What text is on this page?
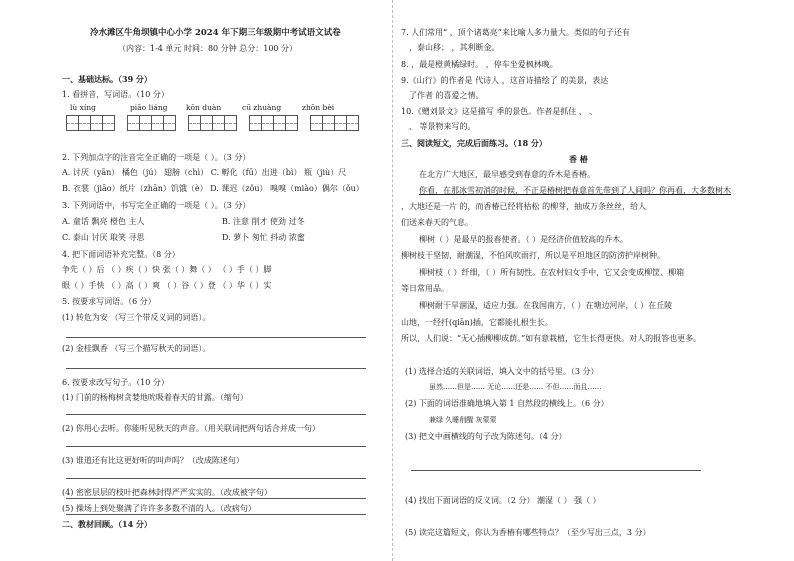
冷水滩区牛角坝镇中心小学 2024 年下期三年级期中考试语文试卷
（内容：1-4 单元 时间：80 分钟 总分：100 分）
一、基础达标。（39 分）
1. 看拼音，写词语。（10 分）
lù xíng	piāo liáng	kōn duàn	cū zhuàng	zhōn bèi
2. 下列加点字的注音完全正确的一项是（ ）。（3 分）
A. 讨厌（yān） 橘色（jú） 翅膀（chì） C. 孵化（fū）出进（bì） 瓶（jiù）尺
B. 衣裳（jiāo）纸片（zhān）饥饿（è） D. 课迟（zǒu） 嗅嗅（miào）偶尔（ǒu）
3. 下列词语中，书写完全正确的一项是（ ）。（3 分）
A. 童话 飘亮 橙色 主人	B. 注意 削才 使劲 过冬
C. 泰山 讨厌 取笑 寻思	D. 萝卜 匆忙 抖动 浓蜜
4. 把下面词语补充完整。（8 分）
争先（ ）后 （ ）疾（ ）快 张（ ）舞（ ） （ ）手（ ）脚
眼（ ）手快 （ ）高（ ）爽 （ ）谷（ ）登 （ ）华（ ）实
5. 按要求写词语。（6 分）
(1) 转危为安 （写三个带反义词的词语）。
(2) 金桂飘香 （写三个描写秋天的词语）。
6. 按要求改写句子。（10 分）
(1) 门前的杨梅树贪婪地吮吸着春天的甘露。（缩句）
(2) 你用心去听。你能听见秋天的声音。（用关联词把两句话合并成一句）
(3) 谁道还有比这更好听的叫声吗？（改成陈述句）
(4) 密密层层的枝叶把森林封得严严实实的。（改成被字句）
(5) 操场上到处聚满了许许多多数不清的人。（改病句）
二、教材回顾。（14 分）
7. 人们常用“ ，顶个诸葛亮”来比喻人多力量大。类似的句子还有
，泰山移； ，其利断金。
8. ，最是橙黄橘绿时。 ，停车坐爱枫林晚。
9.《山行》的作者是 代诗人 ，这首诗描绘了 的美景，表达
了作者 的喜爱之情。
10.《赠刘景文》这是描写 季的景色。作者是抓住 、 、
、 等景物来写的。
三、阅读短文，完成后面练习。（18 分）
香 椿
在北方广大地区，最早感受到春意的乔木是香椿。
你看，在那冰雪初消的时候，不正是椿树把春意首先带到了人间吗？你再看，大多数树木
，大地还是一片 的，而香椿已经将枯松 的柳芽，抽成万条丝丝，给人
们送来春天的气息。
柳树（ ）是最早的报春使者。（ ）是经济价值较高的乔木。
柳树枝干坚韧，耐潮湿，不怕风吹雨打，所以是平坦地区的防涝护岸树种。
柳树枝（ ）纤细，（ ）所有韧性。在农村妇女手中，它又会变成柳筐、柳箱
等日常用品。
柳树耐干旱涸湿，适应力强。在我国南方，（ ）在塘边河岸，（ ）在丘陵
山地，一经扦(qiān)插，它都能扎根生长。
所以，人们说：“无心插柳柳成荫。”如有意栽植，它生长得更快。对人的报答也更多。
(1) 选择合适的关联词语，填入文中的括号里。（3 分）
虽然……但是…… 无论……还是…… 不但……而且……
(2) 下面的词语准确地填入第 1 自然段的横线上。（6 分）
兼绿 久睡削醒 灰蒙蒙
(3) 把文中画横线的句子改为陈述句。（4 分）
(4) 找出下面词语的反义词。（2 分） 潮湿（ ） 强（ ）
(5) 读完这篇短文，你认为香椿有哪些特点？（至少写出三点，3 分）
